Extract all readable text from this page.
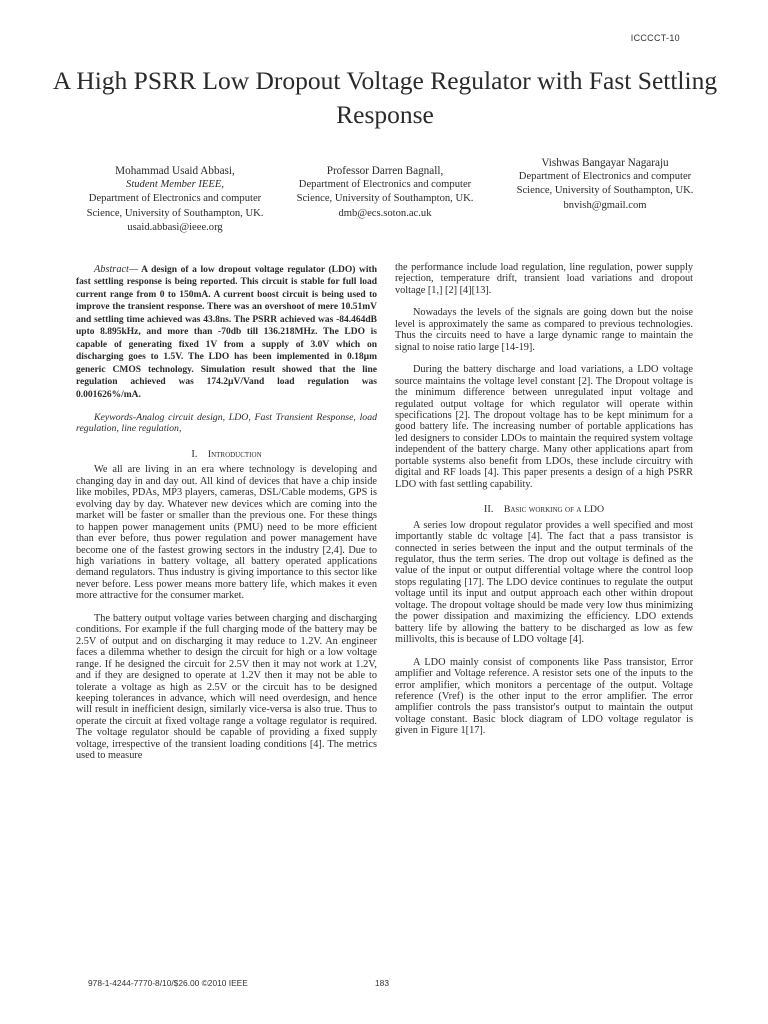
ICCCCT-10
A High PSRR Low Dropout Voltage Regulator with Fast Settling Response
Mohammad Usaid Abbasi,
Student Member IEEE,
Department of Electronics and computer Science, University of Southampton, UK.
usaid.abbasi@ieee.org
Professor Darren Bagnall,
Department of Electronics and computer Science, University of Southampton, UK.
dmb@ecs.soton.ac.uk
Vishwas Bangayar Nagaraju
Department of Electronics and computer Science, University of Southampton, UK.
bnvish@gmail.com

Abstract— A design of a low dropout voltage regulator (LDO) with fast settling response is being reported. This circuit is stable for full load current range from 0 to 150mA. A current boost circuit is being used to improve the transient response. There was an overshoot of mere 10.51mV and settling time achieved was 43.8ns. The PSRR achieved was -84.464dB upto 8.895kHz, and more than -70db till 136.218MHz. The LDO is capable of generating fixed 1V from a supply of 3.0V which on discharging goes to 1.5V. The LDO has been implemented in 0.18µm generic CMOS technology. Simulation result showed that the line regulation achieved was 174.2µV/Vand load regulation was 0.001626%/mA.

Keywords-Analog circuit design, LDO, Fast Transient Response, load regulation, line regulation,

I. Introduction

We all are living in an era where technology is developing and changing day in and day out. All kind of devices that have a chip inside like mobiles, PDAs, MP3 players, cameras, DSL/Cable modems, GPS is evolving day by day. Whatever new devices which are coming into the market will be faster or smaller than the previous one. For these things to happen power management units (PMU) need to be more efficient than ever before, thus power regulation and power management have become one of the fastest growing sectors in the industry [2,4]. Due to high variations in battery voltage, all battery operated applications demand regulators. Thus industry is giving importance to this sector like never before. Less power means more battery life, which makes it even more attractive for the consumer market.

The battery output voltage varies between charging and discharging conditions. For example if the full charging mode of the battery may be 2.5V of output and on discharging it may reduce to 1.2V. An engineer faces a dilemma whether to design the circuit for high or a low voltage range. If he designed the circuit for 2.5V then it may not work at 1.2V, and if they are designed to operate at 1.2V then it may not be able to tolerate a voltage as high as 2.5V or the circuit has to be designed keeping tolerances in advance, which will need overdesign, and hence will result in inefficient design, similarly vice-versa is also true. Thus to operate the circuit at fixed voltage range a voltage regulator is required. The voltage regulator should be capable of providing a fixed supply voltage, irrespective of the transient loading conditions [4]. The metrics used to measure

the performance include load regulation, line regulation, power supply rejection, temperature drift, transient load variations and dropout voltage [1,] [2] [4][13].

Nowadays the levels of the signals are going down but the noise level is approximately the same as compared to previous technologies. Thus the circuits need to have a large dynamic range to maintain the signal to noise ratio large [14-19].

During the battery discharge and load variations, a LDO voltage source maintains the voltage level constant [2]. The Dropout voltage is the minimum difference between unregulated input voltage and regulated output voltage for which regulator will operate within specifications [2]. The dropout voltage has to be kept minimum for a good battery life. The increasing number of portable applications has led designers to consider LDOs to maintain the required system voltage independent of the battery charge. Many other applications apart from portable systems also benefit from LDOs, these include circuitry with digital and RF loads [4]. This paper presents a design of a high PSRR LDO with fast settling capability.

II. Basic working of a LDO

A series low dropout regulator provides a well specified and most importantly stable dc voltage [4]. The fact that a pass transistor is connected in series between the input and the output terminals of the regulator, thus the term series. The drop out voltage is defined as the value of the input or output differential voltage where the control loop stops regulating [17]. The LDO device continues to regulate the output voltage until its input and output approach each other within dropout voltage. The dropout voltage should be made very low thus minimizing the power dissipation and maximizing the efficiency. LDO extends battery life by allowing the battery to be discharged as low as few millivolts, this is because of LDO voltage [4].

A LDO mainly consist of components like Pass transistor, Error amplifier and Voltage reference. A resistor sets one of the inputs to the error amplifier, which monitors a percentage of the output. Voltage reference (Vref) is the other input to the error amplifier. The error amplifier controls the pass transistor's output to maintain the output voltage constant. Basic block diagram of LDO voltage regulator is given in Figure 1[17].

978-1-4244-7770-8/10/$26.00 ©2010 IEEE	183
